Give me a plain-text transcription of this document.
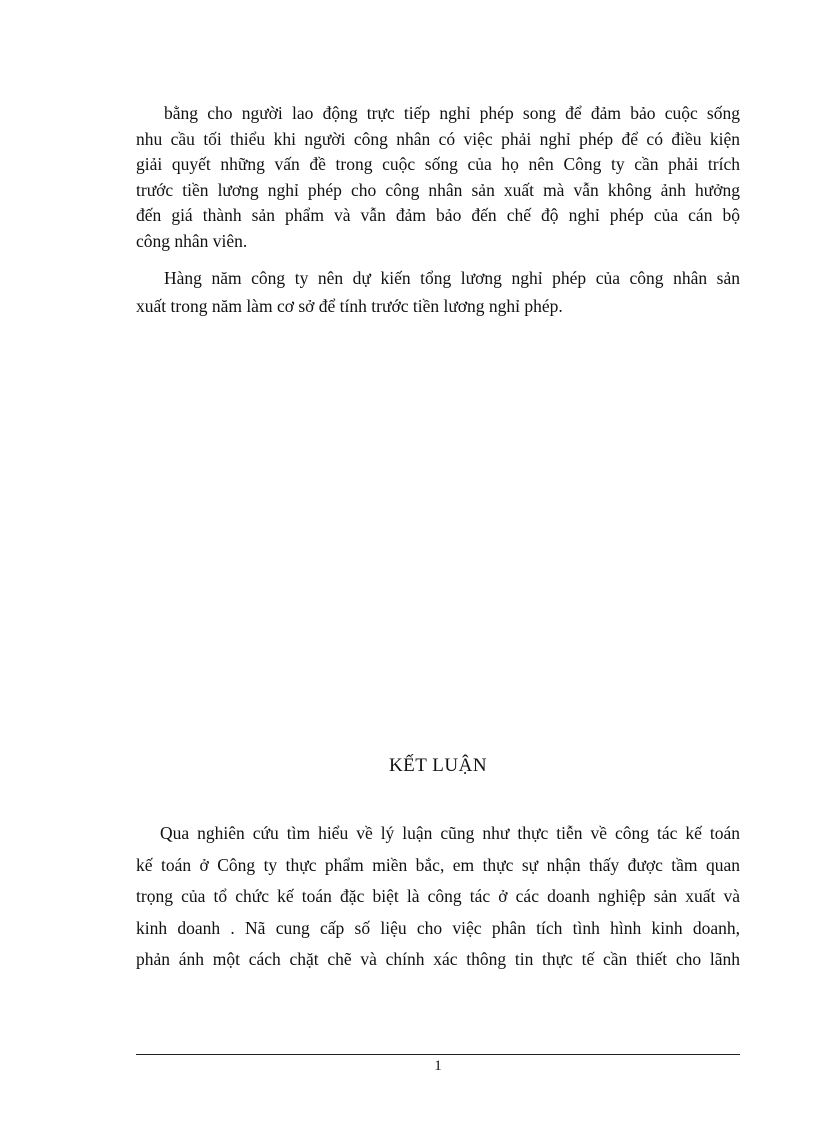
bằng cho người lao động trực tiếp nghỉ phép song để đảm bảo cuộc sống
nhu cầu tối thiểu khi người công nhân có việc phải nghỉ phép để có điều kiện
giải quyết những vấn đề trong cuộc sống của họ nên Công ty cần phải trích
trước tiền lương nghỉ phép cho công nhân sản xuất mà vẫn không ảnh hưởng
đến giá thành sản phẩm và vẫn đảm bảo đến chế độ nghỉ phép của cán bộ
công nhân viên.
Hàng năm công ty nên dự kiến tổng lương nghỉ phép của công nhân sản
xuất trong năm làm cơ sở để tính trước tiền lương nghỉ phép.
KẾT LUẬN
Qua nghiên cứu tìm hiểu về lý luận cũng như thực tiễn về công tác kế toán
kế toán ở Công ty thực phẩm miền bắc, em thực sự nhận thấy được tầm quan
trọng của tổ chức kế toán đặc biệt là công tác ở các doanh nghiệp sản xuất và
kinh doanh . Nã cung cấp số liệu cho việc phân tích tình hình kinh doanh,
phản ánh một cách chặt chẽ và chính xác thông tin thực tế cần thiết cho lãnh
1
